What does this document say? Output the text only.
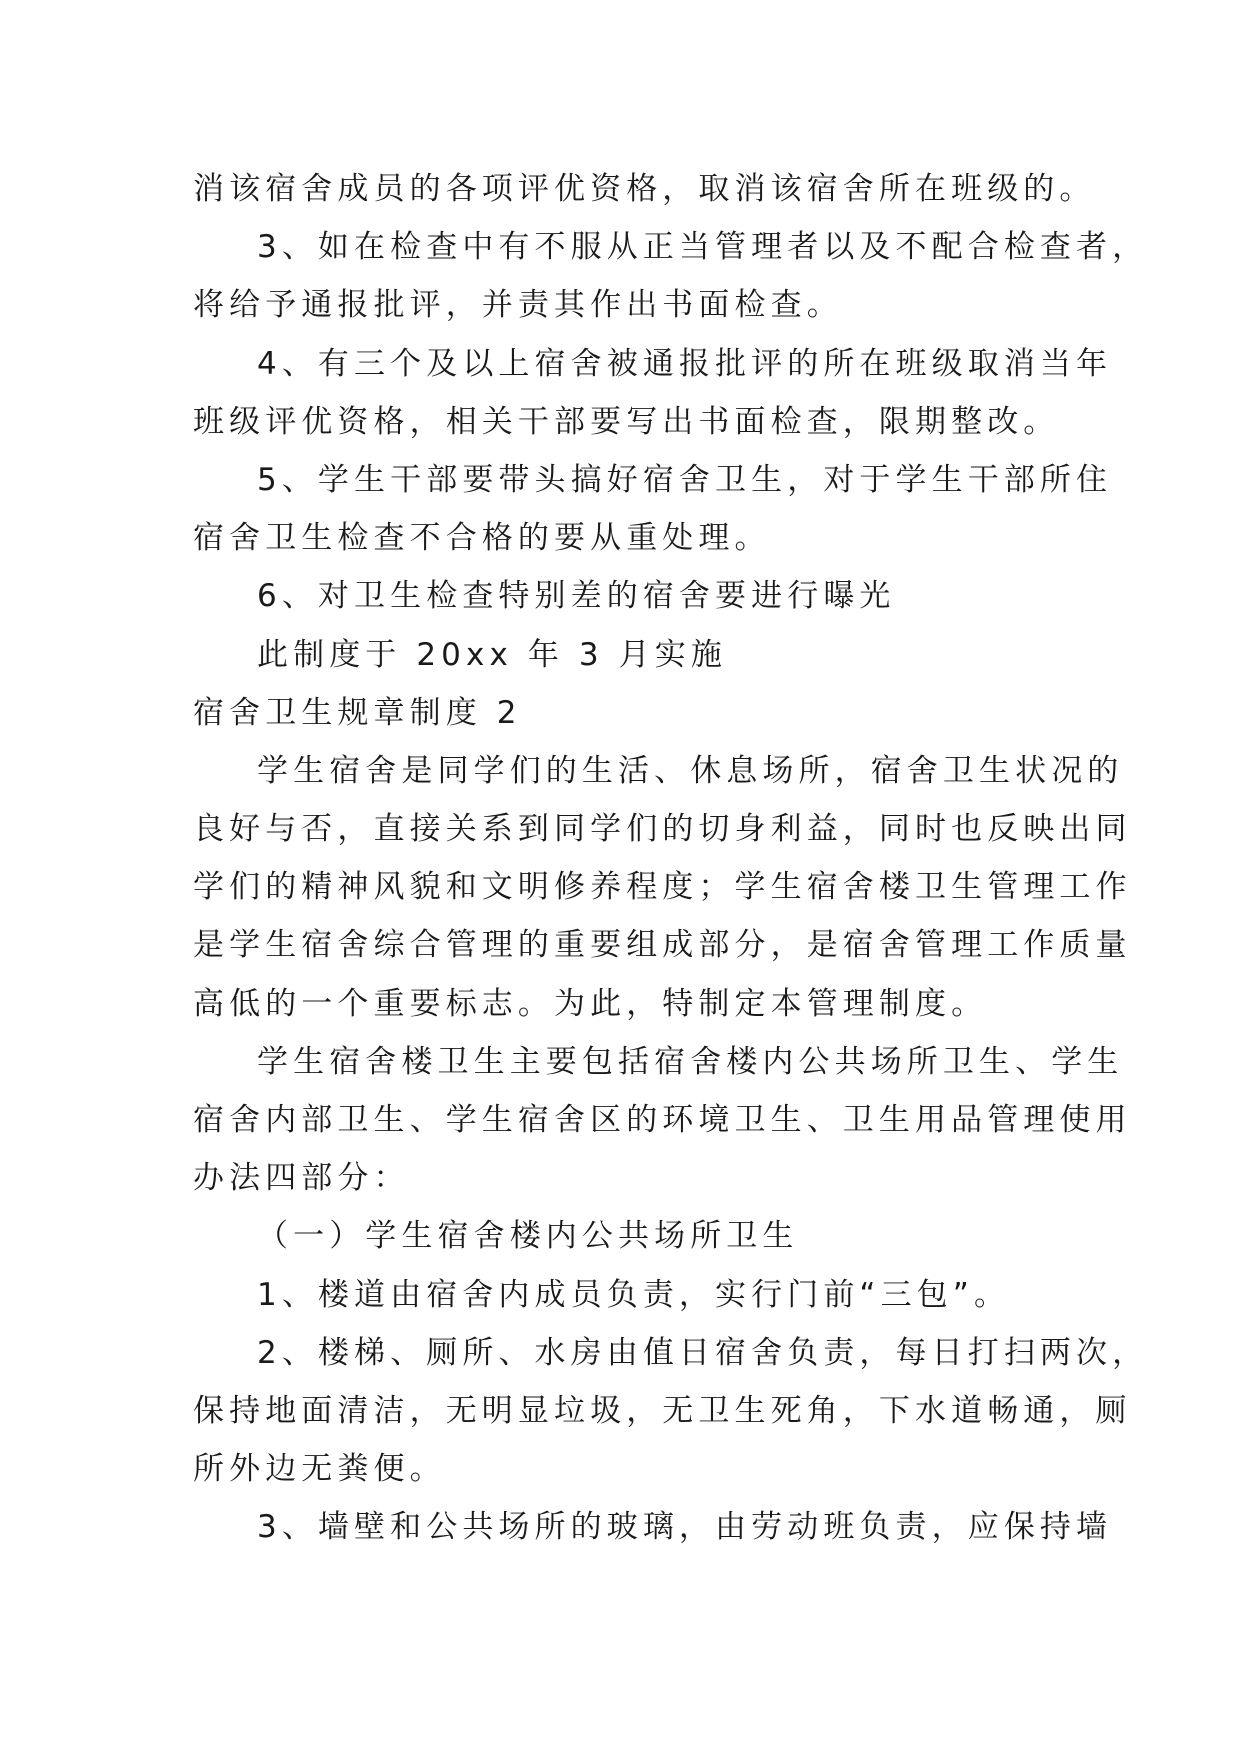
消该宿舍成员的各项评优资格，取消该宿舍所在班级的。
3、如在检查中有不服从正当管理者以及不配合检查者，
将给予通报批评，并责其作出书面检查。
4、有三个及以上宿舍被通报批评的所在班级取消当年
班级评优资格，相关干部要写出书面检查，限期整改。
5、学生干部要带头搞好宿舍卫生，对于学生干部所住
宿舍卫生检查不合格的要从重处理。
6、对卫生检查特别差的宿舍要进行曝光
此制度于 20xx 年 3 月实施
宿舍卫生规章制度 2
学生宿舍是同学们的生活、休息场所，宿舍卫生状况的
良好与否，直接关系到同学们的切身利益，同时也反映出同
学们的精神风貌和文明修养程度；学生宿舍楼卫生管理工作
是学生宿舍综合管理的重要组成部分，是宿舍管理工作质量
高低的一个重要标志。为此，特制定本管理制度。
学生宿舍楼卫生主要包括宿舍楼内公共场所卫生、学生
宿舍内部卫生、学生宿舍区的环境卫生、卫生用品管理使用
办法四部分：
（一）学生宿舍楼内公共场所卫生
1、楼道由宿舍内成员负责，实行门前“三包”。
2、楼梯、厕所、水房由值日宿舍负责，每日打扫两次，
保持地面清洁，无明显垃圾，无卫生死角，下水道畅通，厕
所外边无粪便。
3、墙壁和公共场所的玻璃，由劳动班负责，应保持墙
